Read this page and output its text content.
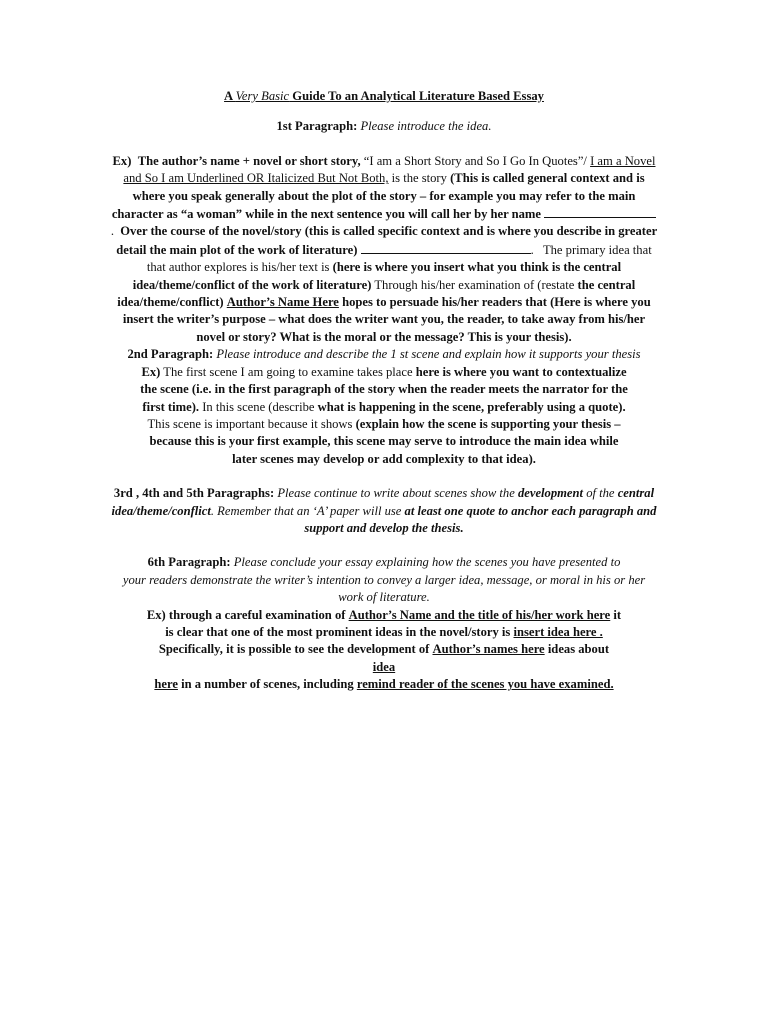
A Very Basic Guide To an Analytical Literature Based Essay

1st Paragraph: Please introduce the idea.

Ex) The author’s name + novel or short story, “I am a Short Story and So I Go In Quotes”/ I am a Novel and So I am Underlined OR Italicized But Not Both, is the story (This is called general context and is where you speak generally about the plot of the story – for example you may refer to the main character as “a woman” while in the next sentence you will call her by her name . Over the course of the novel/story (this is called specific context and is where you describe in greater detail the main plot of the work of literature)	. The primary idea that that author explores is his/her text is (here is where you insert what you think is the central idea/theme/conflict of the work of literature) Through his/her examination of (restate the central idea/theme/conflict) Author’s Name Here hopes to persuade his/her readers that (Here is where you insert the writer’s purpose – what does the writer want you, the reader, to take away from his/her novel or story? What is the moral or the message? This is your thesis).

2nd Paragraph: Please introduce and describe the 1 st scene and explain how it supports your thesis

Ex) The first scene I am going to examine takes place here is where you want to contextualize

the scene (i.e. in the first paragraph of the story when the reader meets the narrator for the

first time). In this scene (describe what is happening in the scene, preferably using a quote).

This scene is important because it shows (explain how the scene is supporting your thesis –

because this is your first example, this scene may serve to introduce the main idea while

later scenes may develop or add complexity to that idea).

3rd , 4th and 5th Paragraphs: Please continue to write about scenes show the development of the central idea/theme/conflict. Remember that an ‘A’ paper will use at least one quote to anchor each paragraph and support and develop the thesis.

6th Paragraph: Please conclude your essay explaining how the scenes you have presented to

your readers demonstrate the writer’s intention to convey a larger idea, message, or moral in his or her work of literature.

Ex) through a careful examination of Author’s Name and the title of his/her work here it

is clear that one of the most prominent ideas in the novel/story is insert idea here .

Specifically, it is possible to see the development of Author’s names here ideas about

idea

here in a number of scenes, including remind reader of the scenes you have examined.
